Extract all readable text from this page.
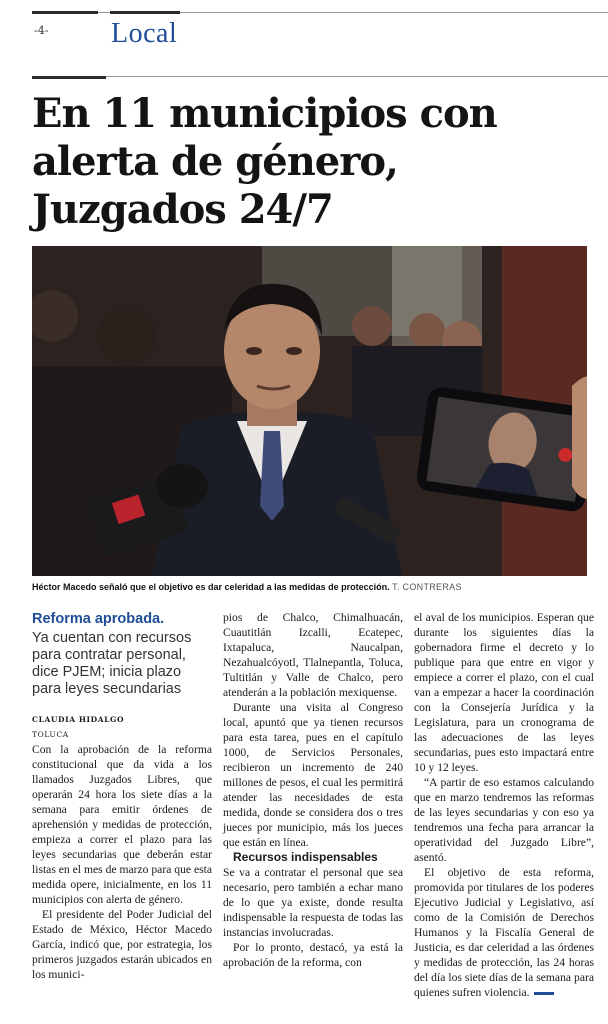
-4- Local
En 11 municipios con alerta de género, Juzgados 24/7
Héctor Macedo señaló que el objetivo es dar celeridad a las medidas de protección. T. CONTRERAS
Reforma aprobada.
Ya cuentan con recursos para contratar personal, dice PJEM; inicia plazo para leyes secundarias

CLAUDIA HIDALGO

TOLUCA

Con la aprobación de la reforma constitucional que da vida a los llamados Juzgados Libres, que operarán 24 hora los siete días a la semana para emitir órdenes de aprehensión y medidas de protección, empieza a correr el plazo para las leyes secundarias que deberán estar listas en el mes de marzo para que esta medida opere, inicialmente, en los 11 municipios con alerta de género.

El presidente del Poder Judicial del Estado de México, Héctor Macedo García, indicó que, por estrategia, los primeros juzgados estarán ubicados en los munici-

pios de Chalco, Chimalhuacán, Cuautitlán Izcalli, Ecatepec, Ixtapaluca, Naucalpan, Nezahualcóyotl, Tlalnepantla, Toluca, Tultitlán y Valle de Chalco, pero atenderán a la población mexiquense.

Durante una visita al Congreso local, apuntó que ya tienen recursos para esta tarea, pues en el capítulo 1000, de Servicios Personales, recibieron un incremento de 240 millones de pesos, el cual les permitirá atender las necesidades de esta medida, donde se considera dos o tres jueces por municipio, más los jueces que están en línea.

Recursos indispensables

Se va a contratar el personal que sea necesario, pero también a echar mano de lo que ya existe, donde resulta indispensable la respuesta de todas las instancias involucradas.

Por lo pronto, destacó, ya está la aprobación de la reforma, con

el aval de los municipios. Esperan que durante los siguientes días la gobernadora firme el decreto y lo publique para que entre en vigor y empiece a correr el plazo, con el cual van a empezar a hacer la coordinación con la Consejería Jurídica y la Legislatura, para un cronograma de las adecuaciones de las leyes secundarias, pues esto impactará entre 10 y 12 leyes.

“A partir de eso estamos calculando que en marzo tendremos las reformas de las leyes secundarias y con eso ya tendremos una fecha para arrancar la operatividad del Juzgado Libre”, asentó.

El objetivo de esta reforma, promovida por titulares de los poderes Ejecutivo Judicial y Legislativo, así como de la Comisión de Derechos Humanos y la Fiscalía General de Justicia, es dar celeridad a las órdenes y medidas de protección, las 24 horas del día los siete días de la semana para quienes sufren violencia.
